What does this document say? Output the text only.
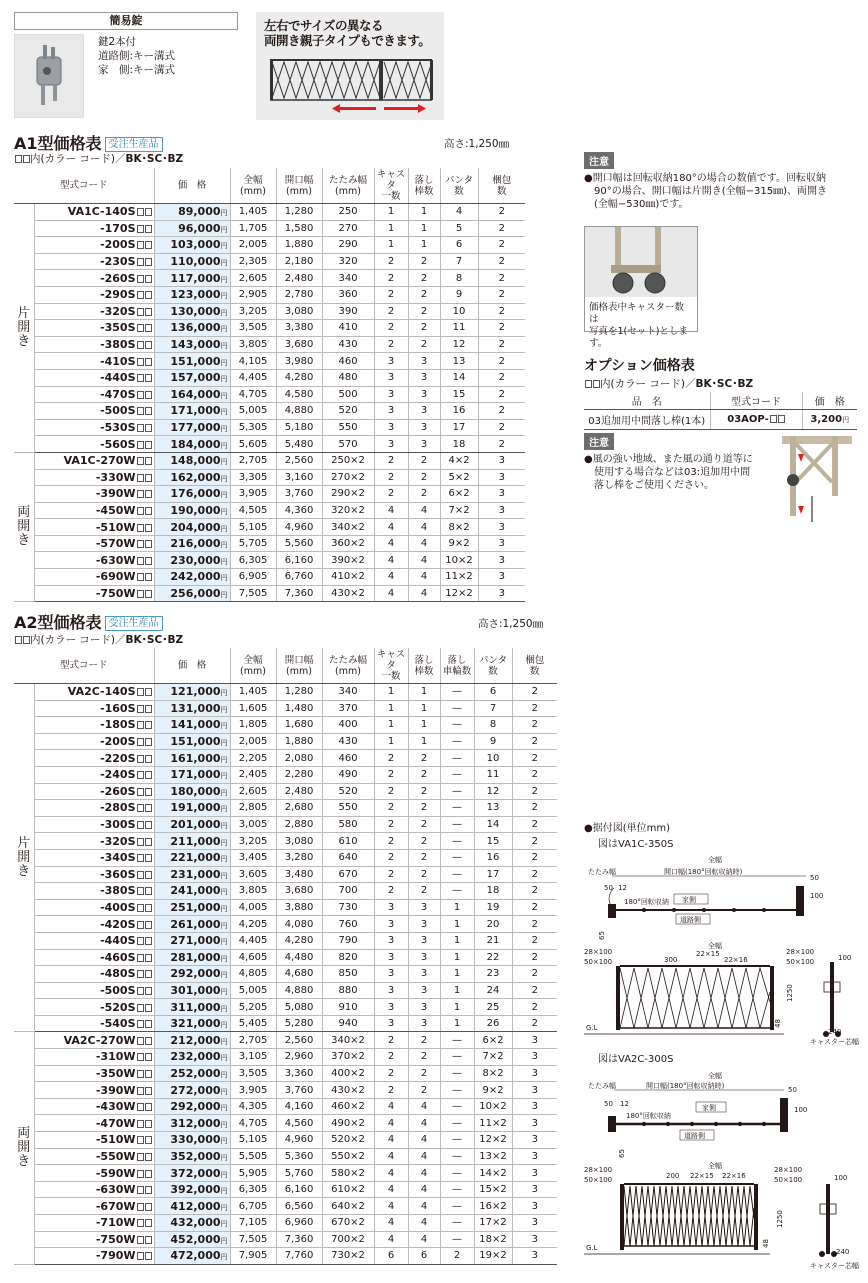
簡易錠
鍵2本付
道路側:キー溝式
家　側:キー溝式
左右でサイズの異なる
両開き親子タイプもできます。
A1型価格表 受注生産品	高さ:1,250㎜
内(カラー コード)／BK･SC･BZ
型式コード		価　格	全幅
(mm)	開口幅
(mm)	たたみ幅
(mm)	キャスタ
一数	落し
棒数	パンタ数	梱包
数
片開き	VA1C-140S	89,000円	1,405	1,280	250	1	1	4	2
	-170S	96,000円	1,705	1,580	270	1	1	5	2
	-200S	103,000円	2,005	1,880	290	1	1	6	2
	-230S	110,000円	2,305	2,180	320	2	2	7	2
	-260S	117,000円	2,605	2,480	340	2	2	8	2
	-290S	123,000円	2,905	2,780	360	2	2	9	2
	-320S	130,000円	3,205	3,080	390	2	2	10	2
	-350S	136,000円	3,505	3,380	410	2	2	11	2
	-380S	143,000円	3,805	3,680	430	2	2	12	2
	-410S	151,000円	4,105	3,980	460	3	3	13	2
	-440S	157,000円	4,405	4,280	480	3	3	14	2
	-470S	164,000円	4,705	4,580	500	3	3	15	2
	-500S	171,000円	5,005	4,880	520	3	3	16	2
	-530S	177,000円	5,305	5,180	550	3	3	17	2
	-560S	184,000円	5,605	5,480	570	3	3	18	2
両開き	VA1C-270W	148,000円	2,705	2,560	250×2	2	2	4×2	3
	-330W	162,000円	3,305	3,160	270×2	2	2	5×2	3
	-390W	176,000円	3,905	3,760	290×2	2	2	6×2	3
	-450W	190,000円	4,505	4,360	320×2	4	4	7×2	3
	-510W	204,000円	5,105	4,960	340×2	4	4	8×2	3
	-570W	216,000円	5,705	5,560	360×2	4	4	9×2	3
	-630W	230,000円	6,305	6,160	390×2	4	4	10×2	3
	-690W	242,000円	6,905	6,760	410×2	4	4	11×2	3
	-750W	256,000円	7,505	7,360	430×2	4	4	12×2	3
A2型価格表 受注生産品	高さ:1,250㎜
内(カラー コード)／BK･SC･BZ
型式コード		価　格	全幅
(mm)	開口幅
(mm)	たたみ幅
(mm)	キャスタ
一数	落し
棒数	落し
車輪数	パンタ数	梱包
数
片開き	VA2C-140S	121,000円	1,405	1,280	340	1	1	—	6	2
	-160S	131,000円	1,605	1,480	370	1	1	—	7	2
	-180S	141,000円	1,805	1,680	400	1	1	—	8	2
	-200S	151,000円	2,005	1,880	430	1	1	—	9	2
	-220S	161,000円	2,205	2,080	460	2	2	—	10	2
	-240S	171,000円	2,405	2,280	490	2	2	—	11	2
	-260S	180,000円	2,605	2,480	520	2	2	—	12	2
	-280S	191,000円	2,805	2,680	550	2	2	—	13	2
	-300S	201,000円	3,005	2,880	580	2	2	—	14	2
	-320S	211,000円	3,205	3,080	610	2	2	—	15	2
	-340S	221,000円	3,405	3,280	640	2	2	—	16	2
	-360S	231,000円	3,605	3,480	670	2	2	—	17	2
	-380S	241,000円	3,805	3,680	700	2	2	—	18	2
	-400S	251,000円	4,005	3,880	730	3	3	1	19	2
	-420S	261,000円	4,205	4,080	760	3	3	1	20	2
	-440S	271,000円	4,405	4,280	790	3	3	1	21	2
	-460S	281,000円	4,605	4,480	820	3	3	1	22	2
	-480S	292,000円	4,805	4,680	850	3	3	1	23	2
	-500S	301,000円	5,005	4,880	880	3	3	1	24	2
	-520S	311,000円	5,205	5,080	910	3	3	1	25	2
	-540S	321,000円	5,405	5,280	940	3	3	1	26	2
両開き	VA2C-270W	212,000円	2,705	2,560	340×2	2	2	—	6×2	3
	-310W	232,000円	3,105	2,960	370×2	2	2	—	7×2	3
	-350W	252,000円	3,505	3,360	400×2	2	2	—	8×2	3
	-390W	272,000円	3,905	3,760	430×2	2	2	—	9×2	3
	-430W	292,000円	4,305	4,160	460×2	4	4	—	10×2	3
	-470W	312,000円	4,705	4,560	490×2	4	4	—	11×2	3
	-510W	330,000円	5,105	4,960	520×2	4	4	—	12×2	3
	-550W	352,000円	5,505	5,360	550×2	4	4	—	13×2	3
	-590W	372,000円	5,905	5,760	580×2	4	4	—	14×2	3
	-630W	392,000円	6,305	6,160	610×2	4	4	—	15×2	3
	-670W	412,000円	6,705	6,560	640×2	4	4	—	16×2	3
	-710W	432,000円	7,105	6,960	670×2	4	4	—	17×2	3
	-750W	452,000円	7,505	7,360	700×2	4	4	—	18×2	3
	-790W	472,000円	7,905	7,760	730×2	6	6	2	19×2	3
注意
●開口幅は回転収納180°の場合の数値です。回転収納
　90°の場合、開口幅は片開き(全幅−315㎜)、両開き
　(全幅−530㎜)です。
価格表中キャスター数は
写真を1(セット)とします。
オプション価格表
内(カラー コード)／BK･SC･BZ
品　名	型式コード	価　格
03追加用中間落し棒(1本)	03AOP-	3,200円
注意
●風の強い地域、また風の通り道等に
　使用する場合などは03:追加用中間
　落し棒をご使用ください。
●据付図(単位mm)
図はVA1C-350S
全幅
たたみ幅	開口幅(180°回転収納時)
50
50 12
家側
180°回転収納
道路側
100
65
全幅
28×100
50×100	300
22×15
22×16
28×100
50×100
G.L
1250
48
100
240
キャスター芯幅
図はVA2C-300S
全幅
たたみ幅	開口幅(180°回転収納時)	50
50 12
180°回転収納
家側
道路側
100
65
全幅
28×100
50×100	200 22×15 22×16
28×100
50×100
G.L
1250
48
100
240
キャスター芯幅
